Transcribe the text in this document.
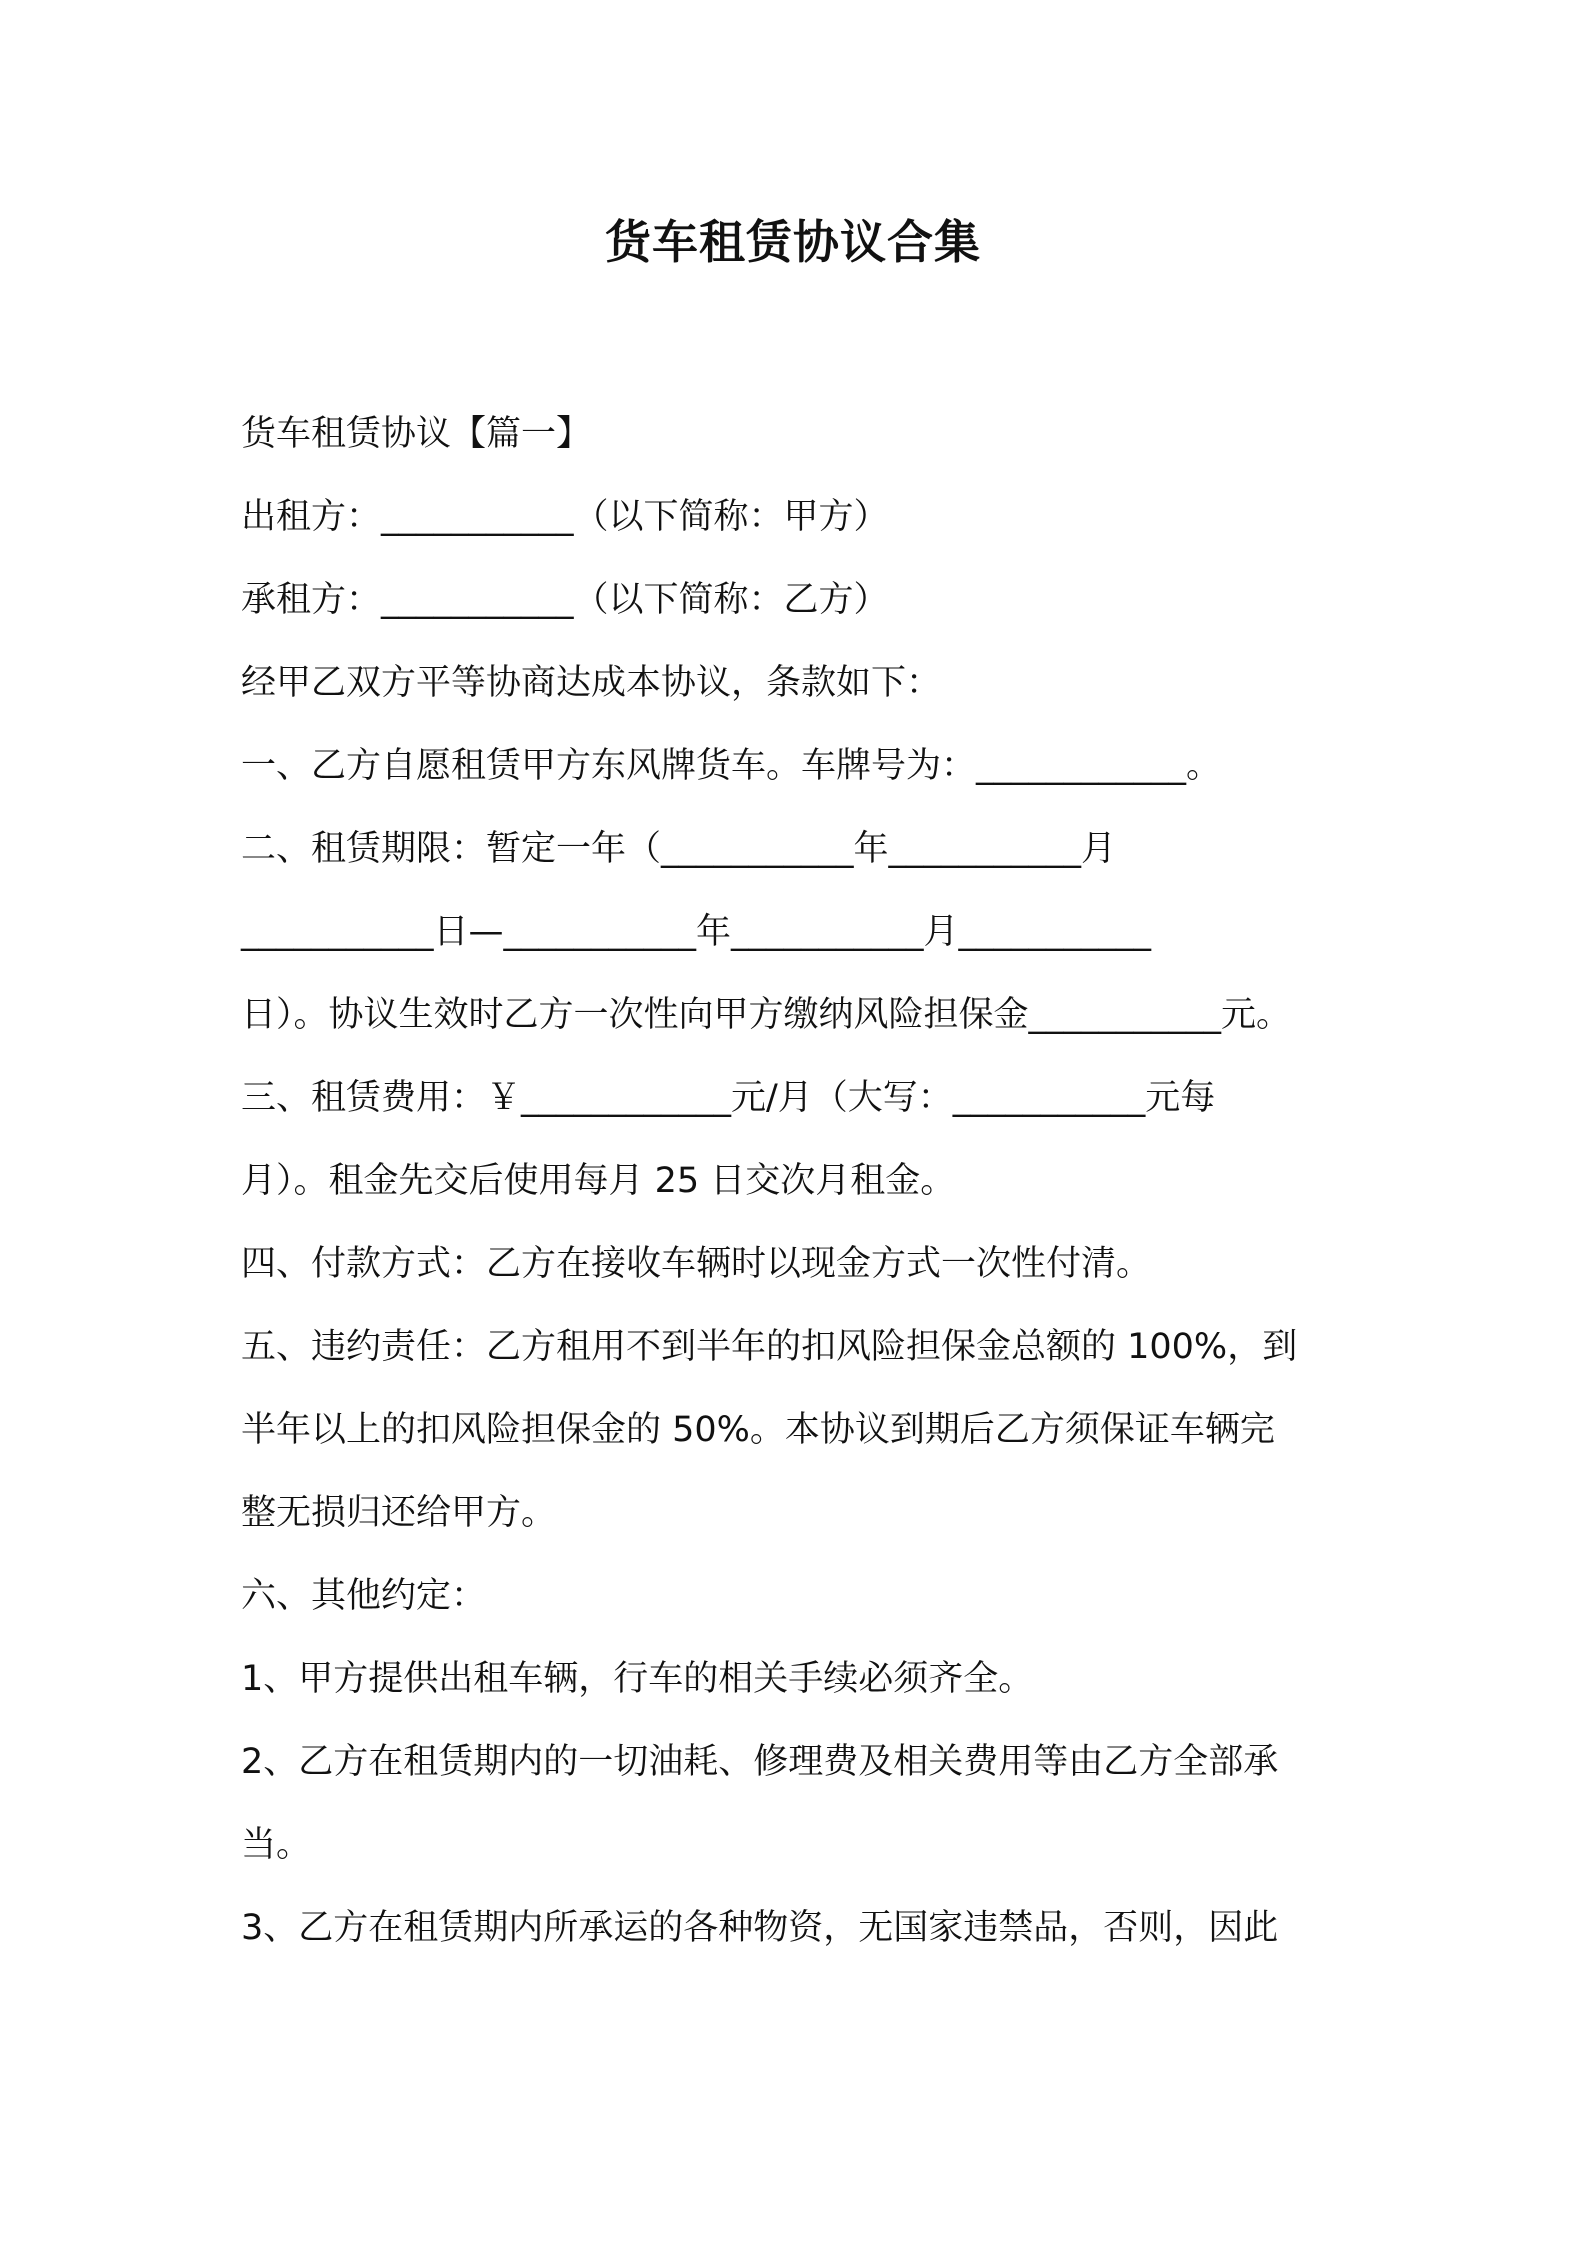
货车租赁协议合集
货车租赁协议【篇一】
出租方：___________（以下简称：甲方）
承租方：___________（以下简称：乙方）
经甲乙双方平等协商达成本协议，条款如下：
一、乙方自愿租赁甲方东风牌货车。车牌号为：____________。
二、租赁期限：暂定一年（___________年___________月
___________日—___________年___________月___________
日）。协议生效时乙方一次性向甲方缴纳风险担保金___________元。
三、租赁费用：￥____________元/月（大写：___________元每
月）。租金先交后使用每月 25 日交次月租金。
四、付款方式：乙方在接收车辆时以现金方式一次性付清。
五、违约责任：乙方租用不到半年的扣风险担保金总额的 100%，到
半年以上的扣风险担保金的 50%。本协议到期后乙方须保证车辆完
整无损归还给甲方。
六、其他约定：
1、甲方提供出租车辆，行车的相关手续必须齐全。
2、乙方在租赁期内的一切油耗、修理费及相关费用等由乙方全部承
当。
3、乙方在租赁期内所承运的各种物资，无国家违禁品，否则，因此
